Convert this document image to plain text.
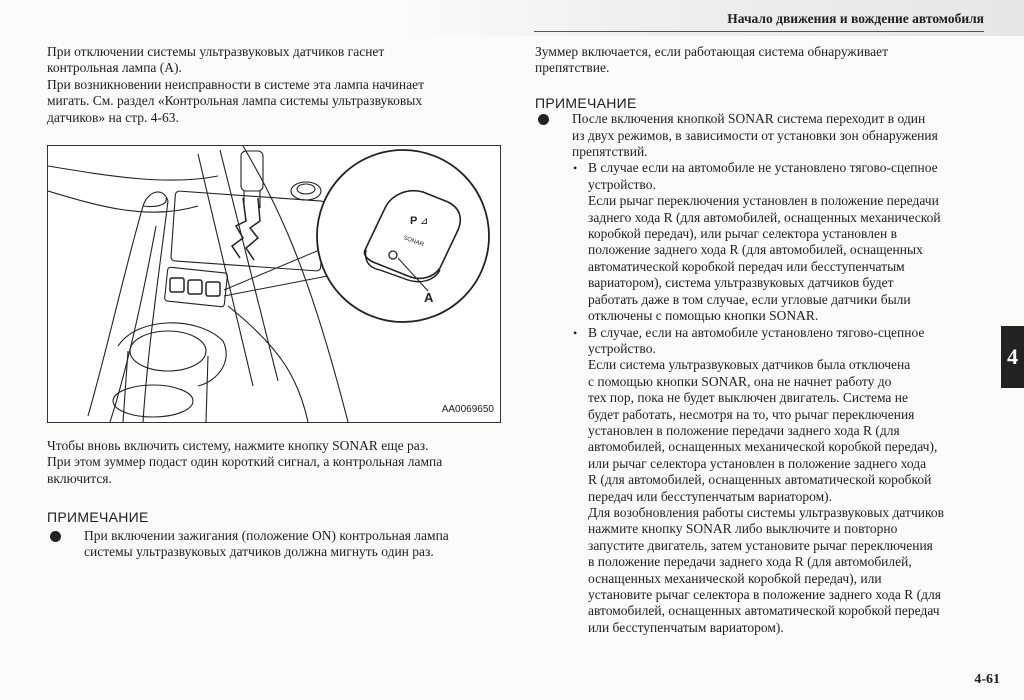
Начало движения и вождение автомобиля

При отключении системы ультразвуковых датчиков гаснет
контрольная лампа (A).
При возникновении неисправности в системе эта лампа начинает
мигать. См. раздел «Контрольная лампа системы ультразвуковых
датчиков» на стр. 4-63.

P ⊿
SONAR
A
AA0069650

Чтобы вновь включить систему, нажмите кнопку SONAR еще раз.
При этом зуммер подаст один короткий сигнал, а контрольная лампа
включится.

ПРИМЕЧАНИЕ

При включении зажигания (положение ON) контрольная лампа
системы ультразвуковых датчиков должна мигнуть один раз.

Зуммер включается, если работающая система обнаруживает
препятствие.

ПРИМЕЧАНИЕ

После включения кнопкой SONAR система переходит в один
из двух режимов, в зависимости от установки зон обнаружения
препятствий.
• В случае если на автомобиле не установлено тягово-сцепное
устройство.
Если рычаг переключения установлен в положение передачи
заднего хода R (для автомобилей, оснащенных механической
коробкой передач), или рычаг селектора установлен в
положение заднего хода R (для автомобилей, оснащенных
автоматической коробкой передач или бесступенчатым
вариатором), система ультразвуковых датчиков будет
работать даже в том случае, если угловые датчики были
отключены с помощью кнопки SONAR.
• В случае, если на автомобиле установлено тягово-сцепное
устройство.
Если система ультразвуковых датчиков была отключена
с помощью кнопки SONAR, она не начнет работу до
тех пор, пока не будет выключен двигатель. Система не
будет работать, несмотря на то, что рычаг переключения
установлен в положение передачи заднего хода R (для
автомобилей, оснащенных механической коробкой передач),
или рычаг селектора установлен в положение заднего хода
R (для автомобилей, оснащенных автоматической коробкой
передач или бесступенчатым вариатором).
Для возобновления работы системы ультразвуковых датчиков
нажмите кнопку SONAR либо выключите и повторно
запустите двигатель, затем установите рычаг переключения
в положение передачи заднего хода R (для автомобилей,
оснащенных механической коробкой передач), или
установите рычаг селектора в положение заднего хода R (для
автомобилей, оснащенных автоматической коробкой передач
или бесступенчатым вариатором).
4
4-61
